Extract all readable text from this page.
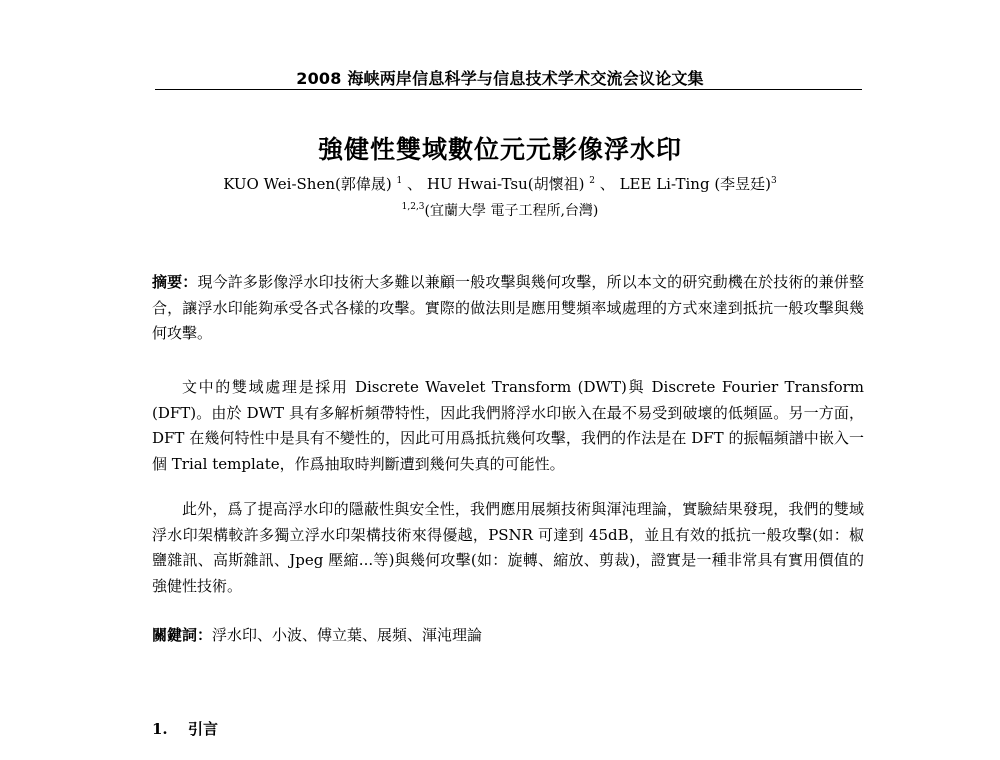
2008 海峡两岸信息科学与信息技术学术交流会议论文集
強健性雙域數位元元影像浮水印
KUO Wei-Shen(郭偉晟) $^1$ 、 HU Hwai-Tsu(胡懷祖) $^2$ 、 LEE Li-Ting (李昱廷)$^3$
$^{1,2,3}$(宜蘭大學 電子工程所,台灣)
摘要：現今許多影像浮水印技術大多難以兼顧一般攻擊與幾何攻擊，所以本文的研究動機在於技術的兼併整合，讓浮水印能夠承受各式各樣的攻擊。實際的做法則是應用雙頻率域處理的方式來達到抵抗一般攻擊與幾何攻擊。
文中的雙域處理是採用 Discrete Wavelet Transform (DWT)與 Discrete Fourier Transform (DFT)。由於 DWT 具有多解析頻帶特性，因此我們將浮水印嵌入在最不易受到破壞的低頻區。另一方面，DFT 在幾何特性中是具有不變性的，因此可用爲抵抗幾何攻擊，我們的作法是在 DFT 的振幅頻譜中嵌入一個 Trial template，作爲抽取時判斷遭到幾何失真的可能性。
此外，爲了提高浮水印的隱蔽性與安全性，我們應用展頻技術與渾沌理論，實驗結果發現，我們的雙域浮水印架構較許多獨立浮水印架構技術來得優越，PSNR 可達到 45dB，並且有效的抵抗一般攻擊(如：椒鹽雜訊、高斯雜訊、Jpeg 壓縮...等)與幾何攻擊(如：旋轉、縮放、剪裁)，證實是一種非常具有實用價值的強健性技術。
關鍵詞：浮水印、小波、傅立葉、展頻、渾沌理論
1. 引言
